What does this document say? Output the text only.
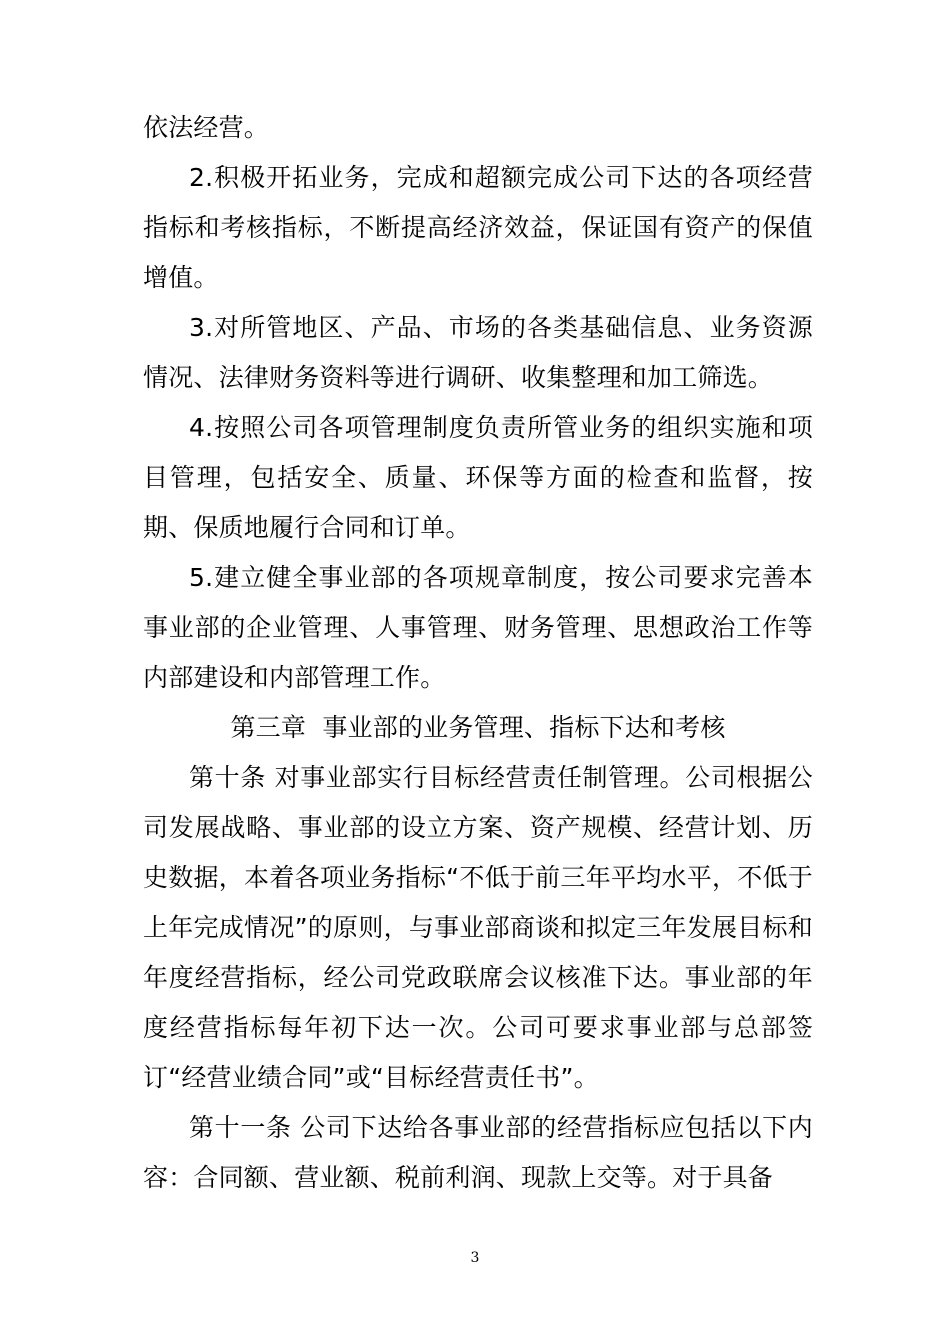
依法经营。

2.积极开拓业务，完成和超额完成公司下达的各项经营指标和考核指标，不断提高经济效益，保证国有资产的保值增值。

3.对所管地区、产品、市场的各类基础信息、业务资源情况、法律财务资料等进行调研、收集整理和加工筛选。

4.按照公司各项管理制度负责所管业务的组织实施和项目管理，包括安全、质量、环保等方面的检查和监督，按期、保质地履行合同和订单。

5.建立健全事业部的各项规章制度，按公司要求完善本事业部的企业管理、人事管理、财务管理、思想政治工作等内部建设和内部管理工作。

第三章  事业部的业务管理、指标下达和考核

第十条 对事业部实行目标经营责任制管理。公司根据公司发展战略、事业部的设立方案、资产规模、经营计划、历史数据，本着各项业务指标“不低于前三年平均水平，不低于上年完成情况”的原则，与事业部商谈和拟定三年发展目标和年度经营指标，经公司党政联席会议核准下达。事业部的年度经营指标每年初下达一次。公司可要求事业部与总部签订“经营业绩合同”或“目标经营责任书”。

第十一条 公司下达给各事业部的经营指标应包括以下内容：合同额、营业额、税前利润、现款上交等。对于具备

3
